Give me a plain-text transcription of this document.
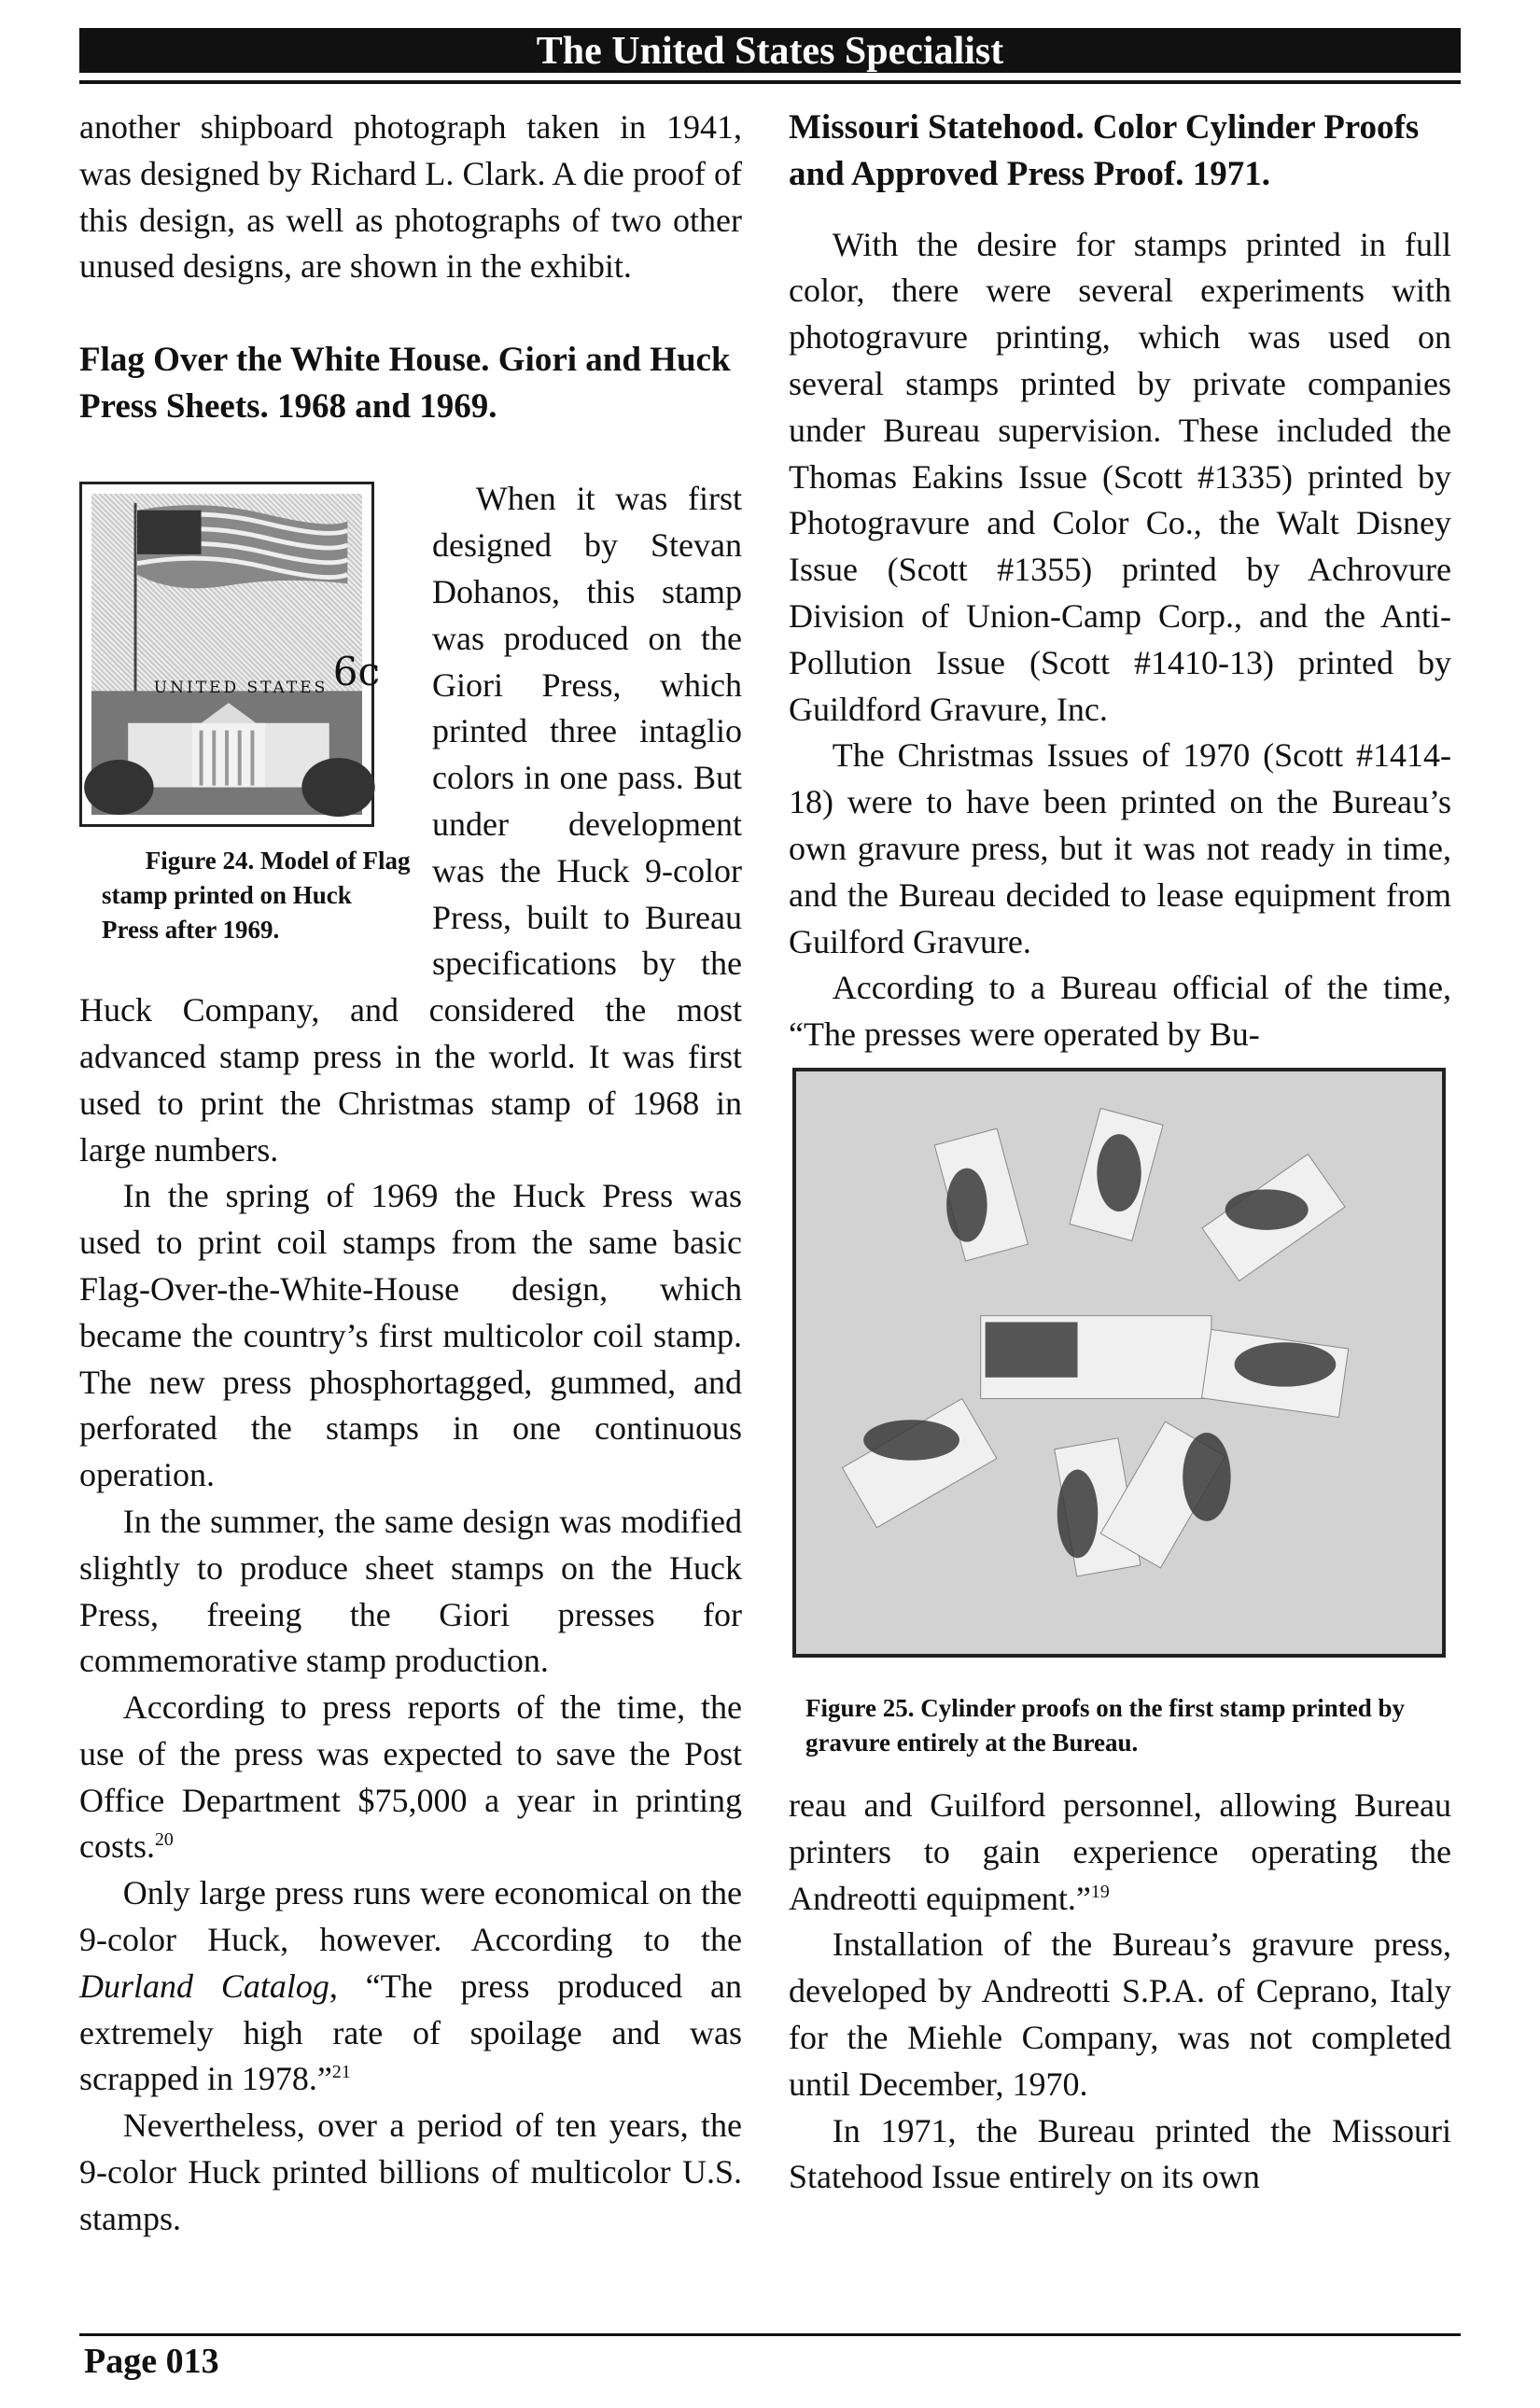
The United States Specialist

another shipboard photograph taken in 1941, was designed by Richard L. Clark. A die proof of this design, as well as photographs of two other unused designs, are shown in the exhibit.

Flag Over the White House. Giori and Huck Press Sheets. 1968 and 1969.

UNITED STATES 6c
Figure 24. Model of Flag stamp printed on Huck Press after 1969.
When it was first designed by Stevan Dohanos, this stamp was produced on the Giori Press, which printed three intaglio colors in one pass. But under development was the Huck 9-color Press, built to Bureau specifications by the Huck Company, and considered the most advanced stamp press in the world. It was first used to print the Christmas stamp of 1968 in large numbers.

In the spring of 1969 the Huck Press was used to print coil stamps from the same basic Flag-Over-the-White-House design, which became the country’s first multicolor coil stamp. The new press phosphortagged, gummed, and perforated the stamps in one continuous operation.

In the summer, the same design was modified slightly to produce sheet stamps on the Huck Press, freeing the Giori presses for commemorative stamp production.

According to press reports of the time, the use of the press was expected to save the Post Office Department $75,000 a year in printing costs.$^{20}$

Only large press runs were economical on the 9-color Huck, however. According to the Durland Catalog, “The press produced an extremely high rate of spoilage and was scrapped in 1978.”$^{21}$

Nevertheless, over a period of ten years, the 9-color Huck printed billions of multicolor U.S. stamps.

Missouri Statehood. Color Cylinder Proofs and Approved Press Proof. 1971.

With the desire for stamps printed in full color, there were several experiments with photogravure printing, which was used on several stamps printed by private companies under Bureau supervision. These included the Thomas Eakins Issue (Scott #1335) printed by Photogravure and Color Co., the Walt Disney Issue (Scott #1355) printed by Achrovure Division of Union-Camp Corp., and the Anti-Pollution Issue (Scott #1410-13) printed by Guildford Gravure, Inc.

The Christmas Issues of 1970 (Scott #1414-18) were to have been printed on the Bureau’s own gravure press, but it was not ready in time, and the Bureau decided to lease equipment from Guilford Gravure.

According to a Bureau official of the time, “The presses were operated by Bu-

Figure 25. Cylinder proofs on the first stamp printed by gravure entirely at the Bureau.

reau and Guilford personnel, allowing Bureau printers to gain experience operating the Andreotti equipment.”$^{19}$

Installation of the Bureau’s gravure press, developed by Andreotti S.P.A. of Ceprano, Italy for the Miehle Company, was not completed until December, 1970.

In 1971, the Bureau printed the Missouri Statehood Issue entirely on its own

Page 013
